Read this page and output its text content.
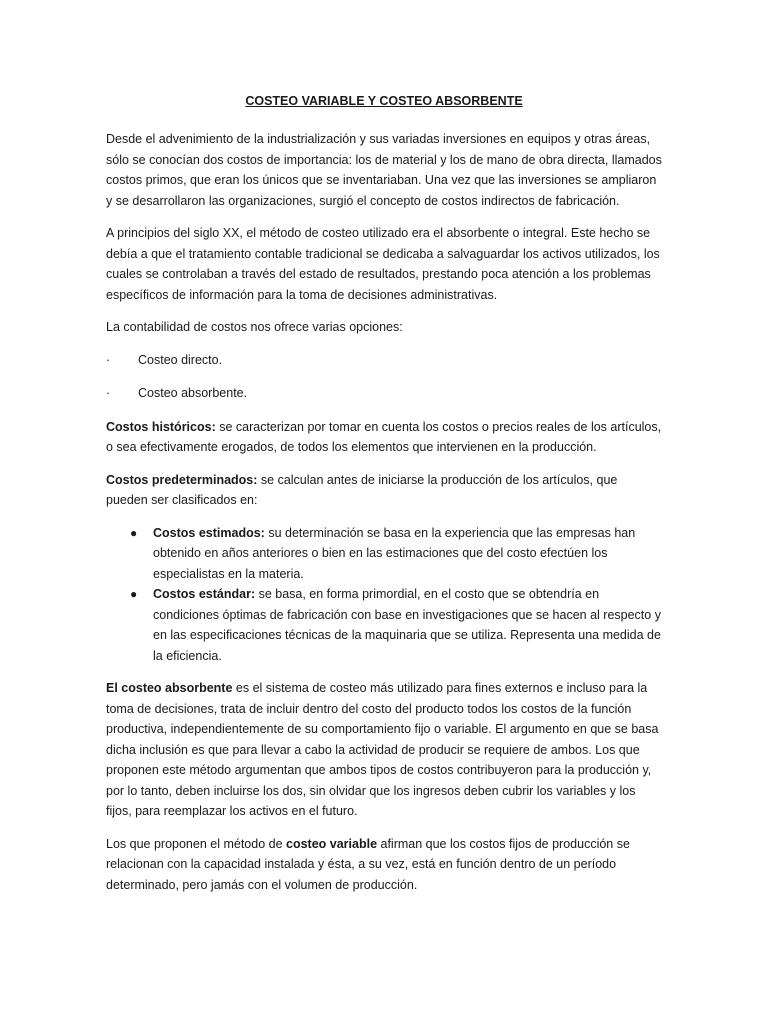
COSTEO VARIABLE Y COSTEO ABSORBENTE

Desde el advenimiento de la industrialización y sus variadas inversiones en equipos y otras áreas, sólo se conocían dos costos de importancia: los de material y los de mano de obra directa, llamados costos primos, que eran los únicos que se inventariaban. Una vez que las inversiones se ampliaron y se desarrollaron las organizaciones, surgió el concepto de costos indirectos de fabricación.

A principios del siglo XX, el método de costeo utilizado era el absorbente o integral. Este hecho se debía a que el tratamiento contable tradicional se dedicaba a salvaguardar los activos utilizados, los cuales se controlaban a través del estado de resultados, prestando poca atención a los problemas específicos de información para la toma de decisiones administrativas.

La contabilidad de costos nos ofrece varias opciones:

·	Costeo directo.
·	Costeo absorbente.

Costos históricos: se caracterizan por tomar en cuenta los costos o precios reales de los artículos, o sea efectivamente erogados, de todos los elementos que intervienen en la producción.

Costos predeterminados: se calculan antes de iniciarse la producción de los artículos, que pueden ser clasificados en:

● Costos estimados: su determinación se basa en la experiencia que las empresas han obtenido en años anteriores o bien en las estimaciones que del costo efectúen los especialistas en la materia.
● Costos estándar: se basa, en forma primordial, en el costo que se obtendría en condiciones óptimas de fabricación con base en investigaciones que se hacen al respecto y en las especificaciones técnicas de la maquinaria que se utiliza. Representa una medida de la eficiencia.

El costeo absorbente es el sistema de costeo más utilizado para fines externos e incluso para la toma de decisiones, trata de incluir dentro del costo del producto todos los costos de la función productiva, independientemente de su comportamiento fijo o variable. El argumento en que se basa dicha inclusión es que para llevar a cabo la actividad de producir se requiere de ambos. Los que proponen este método argumentan que ambos tipos de costos contribuyeron para la producción y, por lo tanto, deben incluirse los dos, sin olvidar que los ingresos deben cubrir los variables y los fijos, para reemplazar los activos en el futuro.

Los que proponen el método de costeo variable afirman que los costos fijos de producción se relacionan con la capacidad instalada y ésta, a su vez, está en función dentro de un período determinado, pero jamás con el volumen de producción.
